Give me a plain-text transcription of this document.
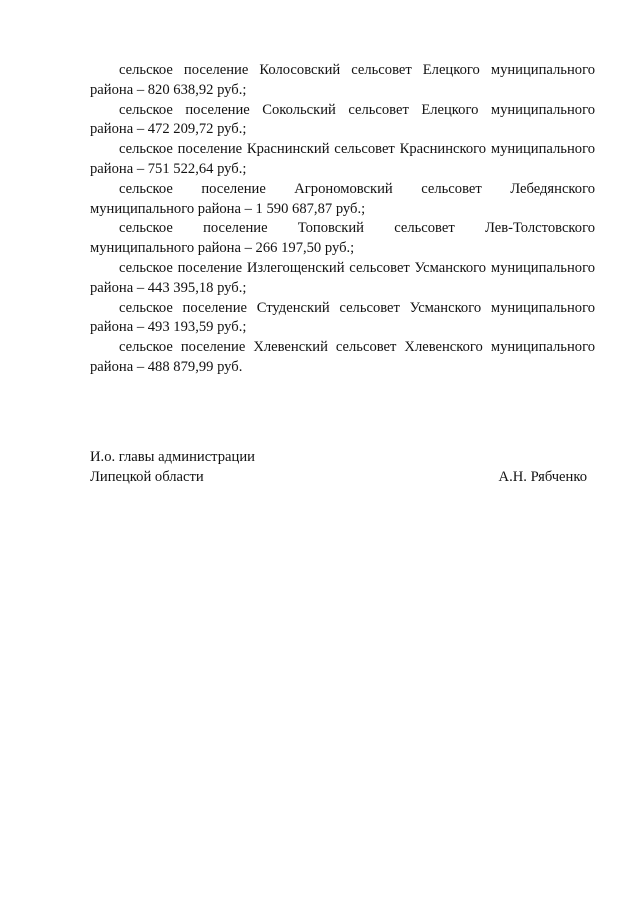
сельское поселение Колосовский сельсовет Елецкого муниципального района – 820 638,92 руб.;

сельское поселение Сокольский сельсовет Елецкого муниципального района – 472 209,72 руб.;

сельское поселение Краснинский сельсовет Краснинского муниципального района – 751 522,64 руб.;

сельское поселение Агрономовский сельсовет Лебедянского муниципального района – 1 590 687,87 руб.;

сельское поселение Топовский сельсовет Лев-Толстовского муниципального района – 266 197,50 руб.;

сельское поселение Излегощенский сельсовет Усманского муниципального района – 443 395,18 руб.;

сельское поселение Студенский сельсовет Усманского муниципального района – 493 193,59 руб.;

сельское поселение Хлевенский сельсовет Хлевенского муниципального района – 488 879,99 руб.

И.о. главы администрации
Липецкой области	А.Н. Рябченко
